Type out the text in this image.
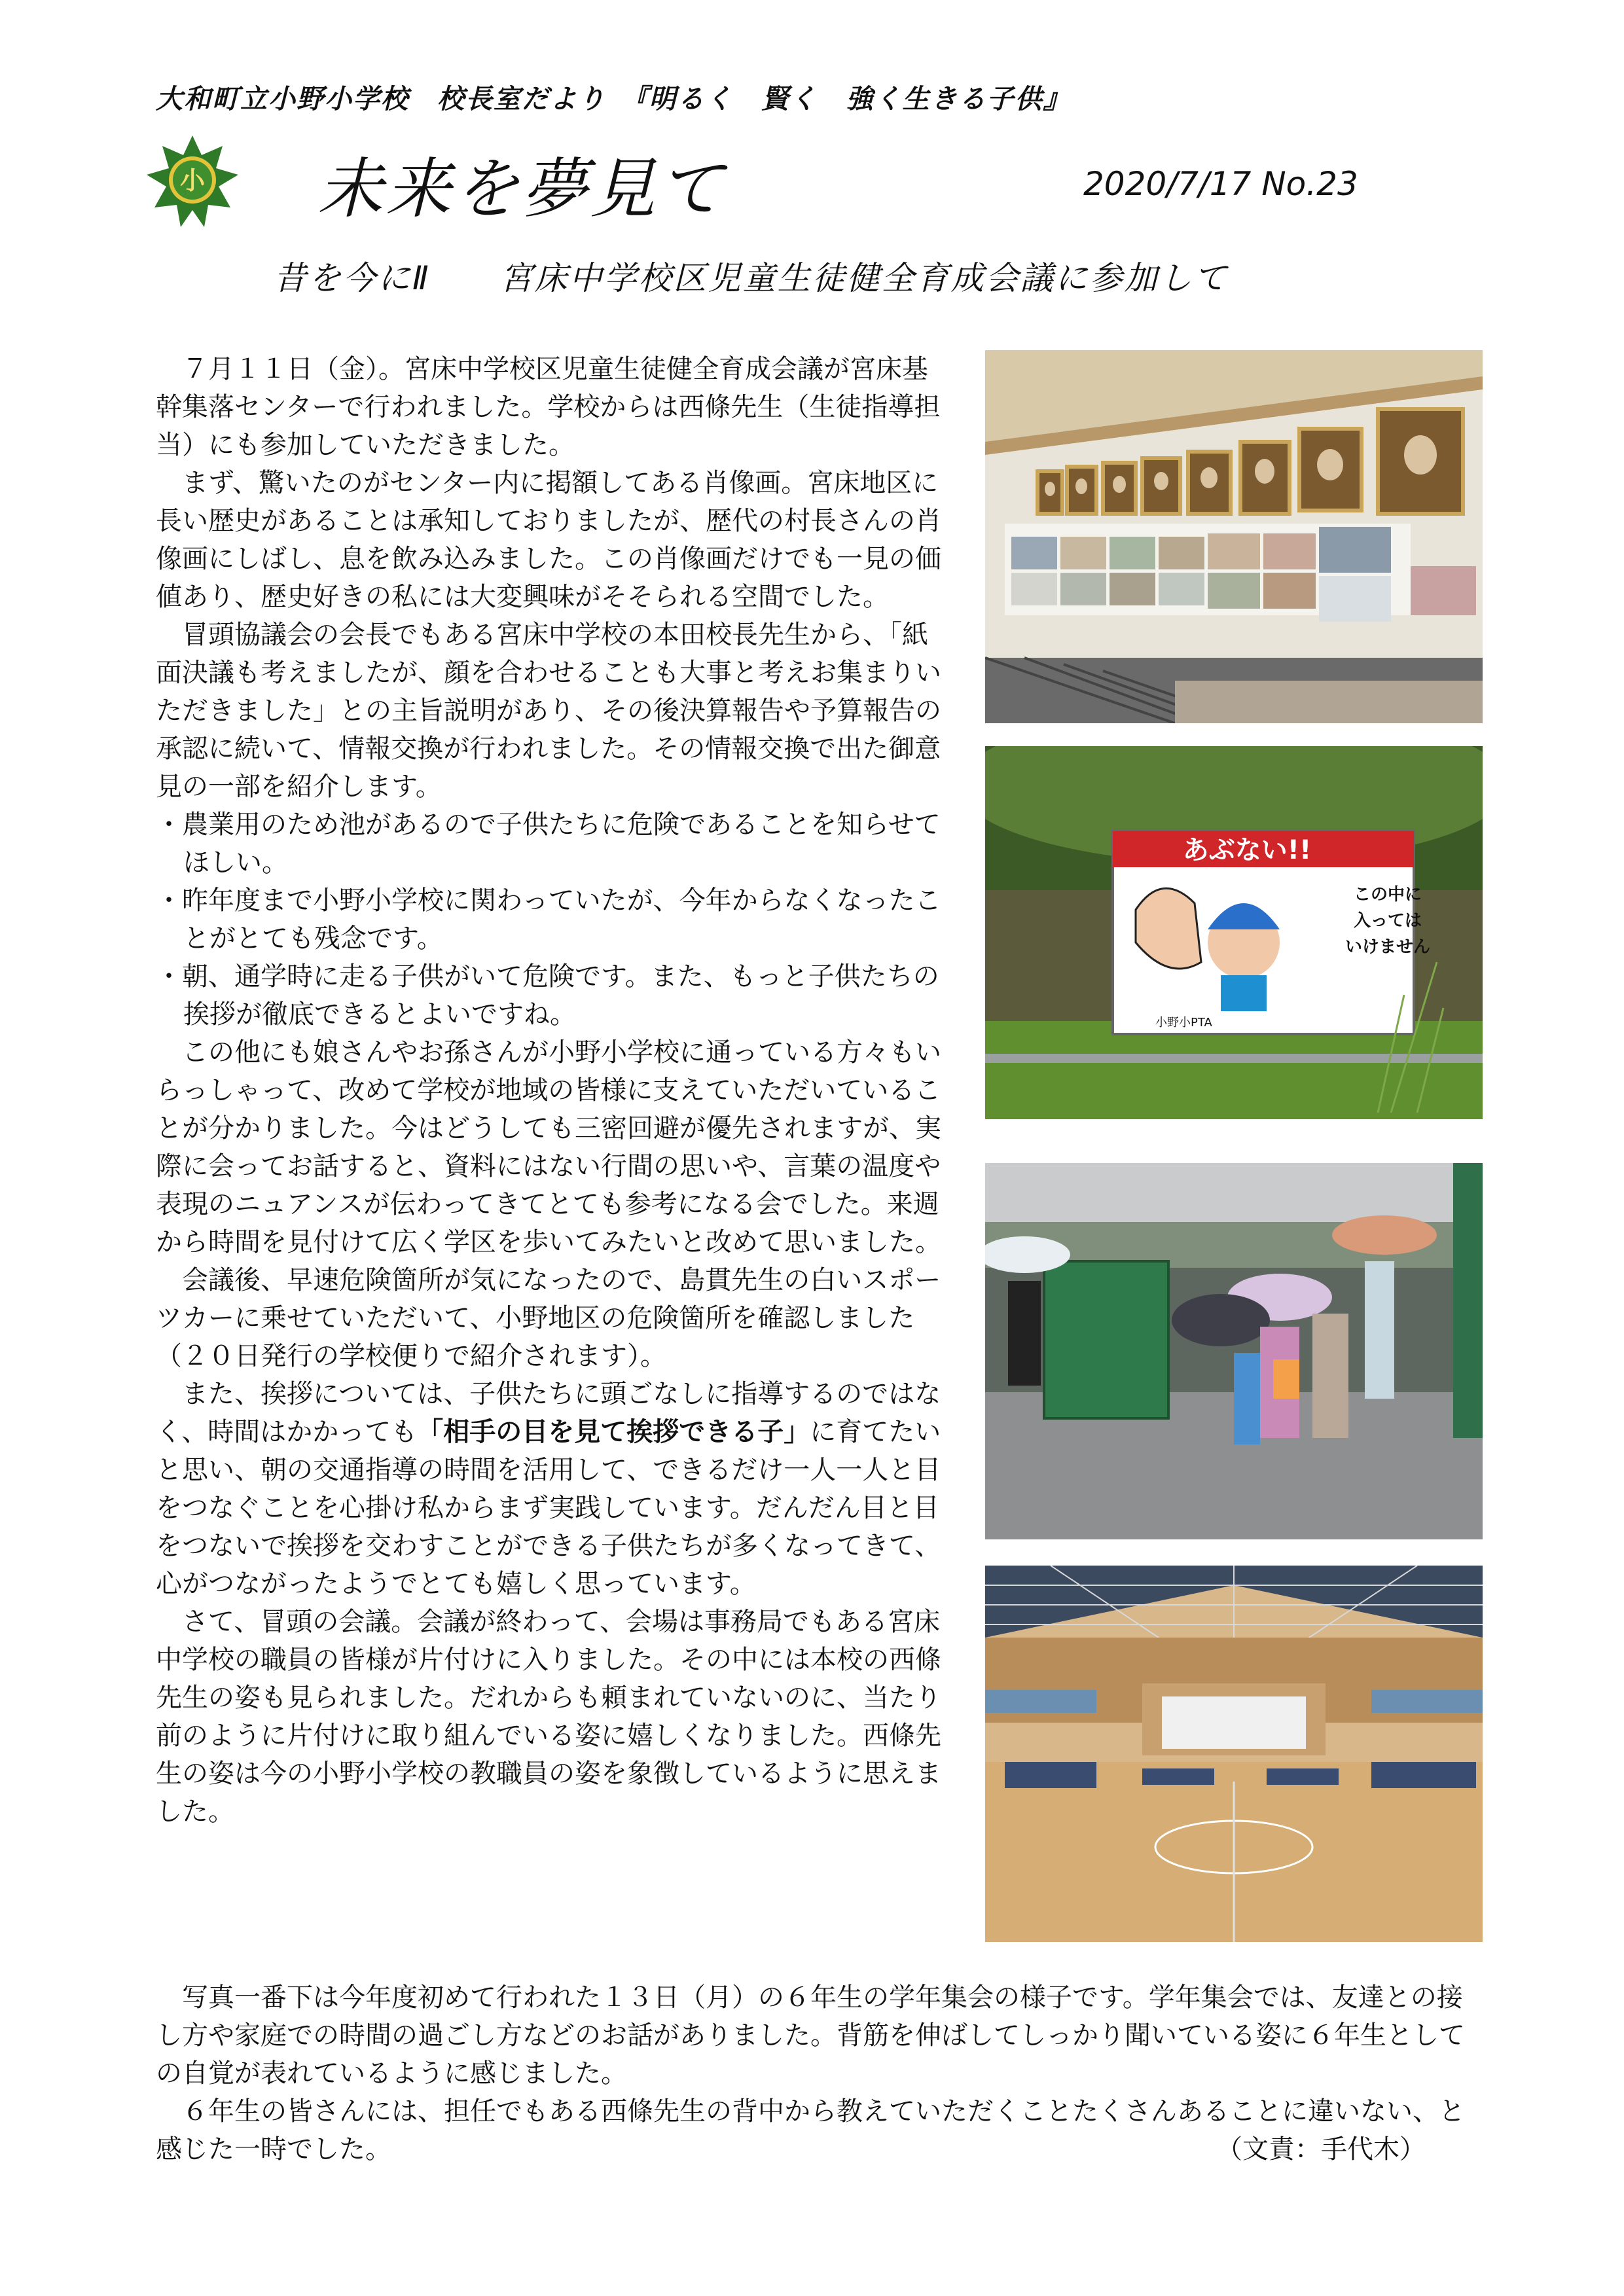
大和町立小野小学校　校長室だより　『明るく　賢く　強く生きる子供』
小 未来を夢見て	2020/7/17 No.23
昔を今にⅡ　　宮床中学校区児童生徒健全育成会議に参加して

７月１１日（金）。宮床中学校区児童生徒健全育成会議が宮床基幹集落センターで行われました。学校からは西條先生（生徒指導担当）にも参加していただきました。

まず、驚いたのがセンター内に掲額してある肖像画。宮床地区に長い歴史があることは承知しておりましたが、歴代の村長さんの肖像画にしばし、息を飲み込みました。この肖像画だけでも一見の価値あり、歴史好きの私には大変興味がそそられる空間でした。

冒頭協議会の会長でもある宮床中学校の本田校長先生から、「紙面決議も考えましたが、顔を合わせることも大事と考えお集まりいただきました」との主旨説明があり、その後決算報告や予算報告の承認に続いて、情報交換が行われました。その情報交換で出た御意見の一部を紹介します。

・農業用のため池があるので子供たちに危険であることを知らせてほしい。

・昨年度まで小野小学校に関わっていたが、今年からなくなったことがとても残念です。

・朝、通学時に走る子供がいて危険です。また、もっと子供たちの挨拶が徹底できるとよいですね。

この他にも娘さんやお孫さんが小野小学校に通っている方々もいらっしゃって、改めて学校が地域の皆様に支えていただいていることが分かりました。今はどうしても三密回避が優先されますが、実際に会ってお話すると、資料にはない行間の思いや、言葉の温度や表現のニュアンスが伝わってきてとても参考になる会でした。来週から時間を見付けて広く学区を歩いてみたいと改めて思いました。

会議後、早速危険箇所が気になったので、島貫先生の白いスポーツカーに乗せていただいて、小野地区の危険箇所を確認しました（２０日発行の学校便りで紹介されます）。

また、挨拶については、子供たちに頭ごなしに指導するのではなく、時間はかかっても「相手の目を見て挨拶できる子」に育てたいと思い、朝の交通指導の時間を活用して、できるだけ一人一人と目をつなぐことを心掛け私からまず実践しています。だんだん目と目をつないで挨拶を交わすことができる子供たちが多くなってきて、心がつながったようでとても嬉しく思っています。

さて、冒頭の会議。会議が終わって、会場は事務局でもある宮床中学校の職員の皆様が片付けに入りました。その中には本校の西條先生の姿も見られました。だれからも頼まれていないのに、当たり前のように片付けに取り組んでいる姿に嬉しくなりました。西條先生の姿は今の小野小学校の教職員の姿を象徴しているように思えました。

写真一番下は今年度初めて行われた１３日（月）の６年生の学年集会の様子です。学年集会では、友達との接し方や家庭での時間の過ごし方などのお話がありました。背筋を伸ばしてしっかり聞いている姿に６年生としての自覚が表れているように感じました。

６年生の皆さんには、担任でもある西條先生の背中から教えていただくことたくさんあることに違いない、と感じた一時でした。	（文責：手代木）

あぶない!!
この中に
入っては
いけません
小野小PTA
